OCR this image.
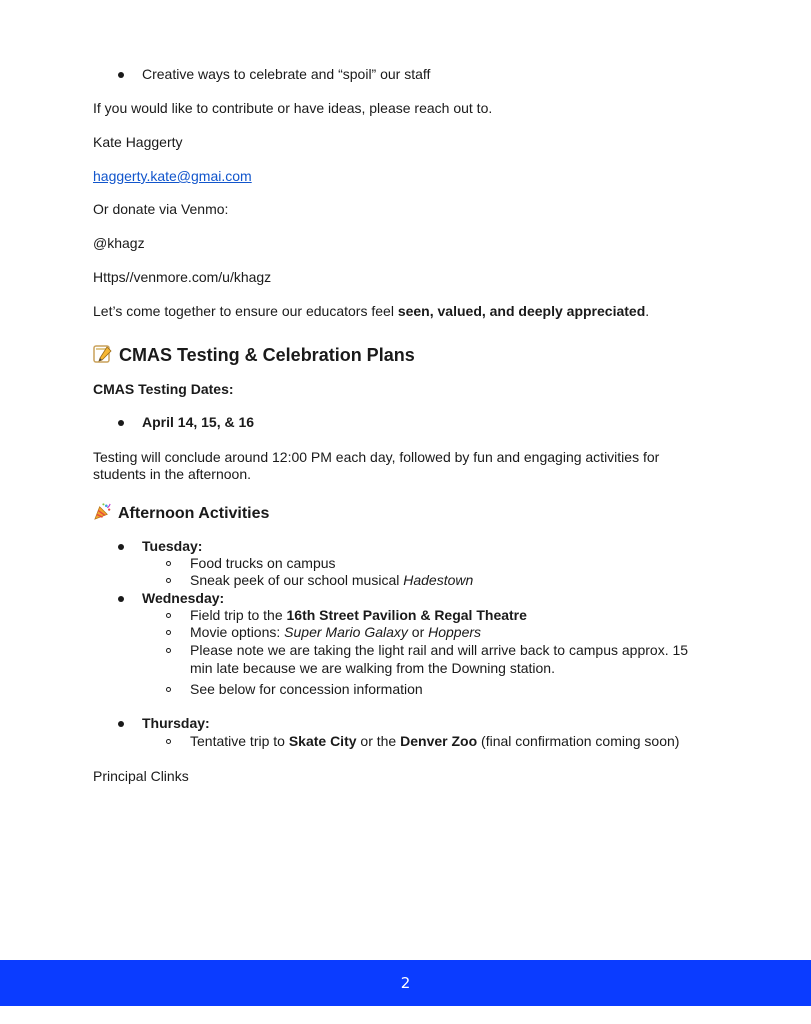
Creative ways to celebrate and “spoil” our staff
If you would like to contribute or have ideas, please reach out to.
Kate Haggerty
haggerty.kate@gmai.com
Or donate via Venmo:
@khagz
Https//venmore.com/u/khagz
Let’s come together to ensure our educators feel seen, valued, and deeply appreciated.
CMAS Testing & Celebration Plans
CMAS Testing Dates:
April 14, 15, & 16
Testing will conclude around 12:00 PM each day, followed by fun and engaging activities for
students in the afternoon.
Afternoon Activities
Tuesday:
Food trucks on campus
Sneak peek of our school musical Hadestown
Wednesday:
Field trip to the 16th Street Pavilion & Regal Theatre
Movie options: Super Mario Galaxy or Hoppers
Please note we are taking the light rail and will arrive back to campus approx. 15
min late because we are walking from the Downing station.
See below for concession information
Thursday:
Tentative trip to Skate City or the Denver Zoo (final confirmation coming soon)
Principal Clinks
2
